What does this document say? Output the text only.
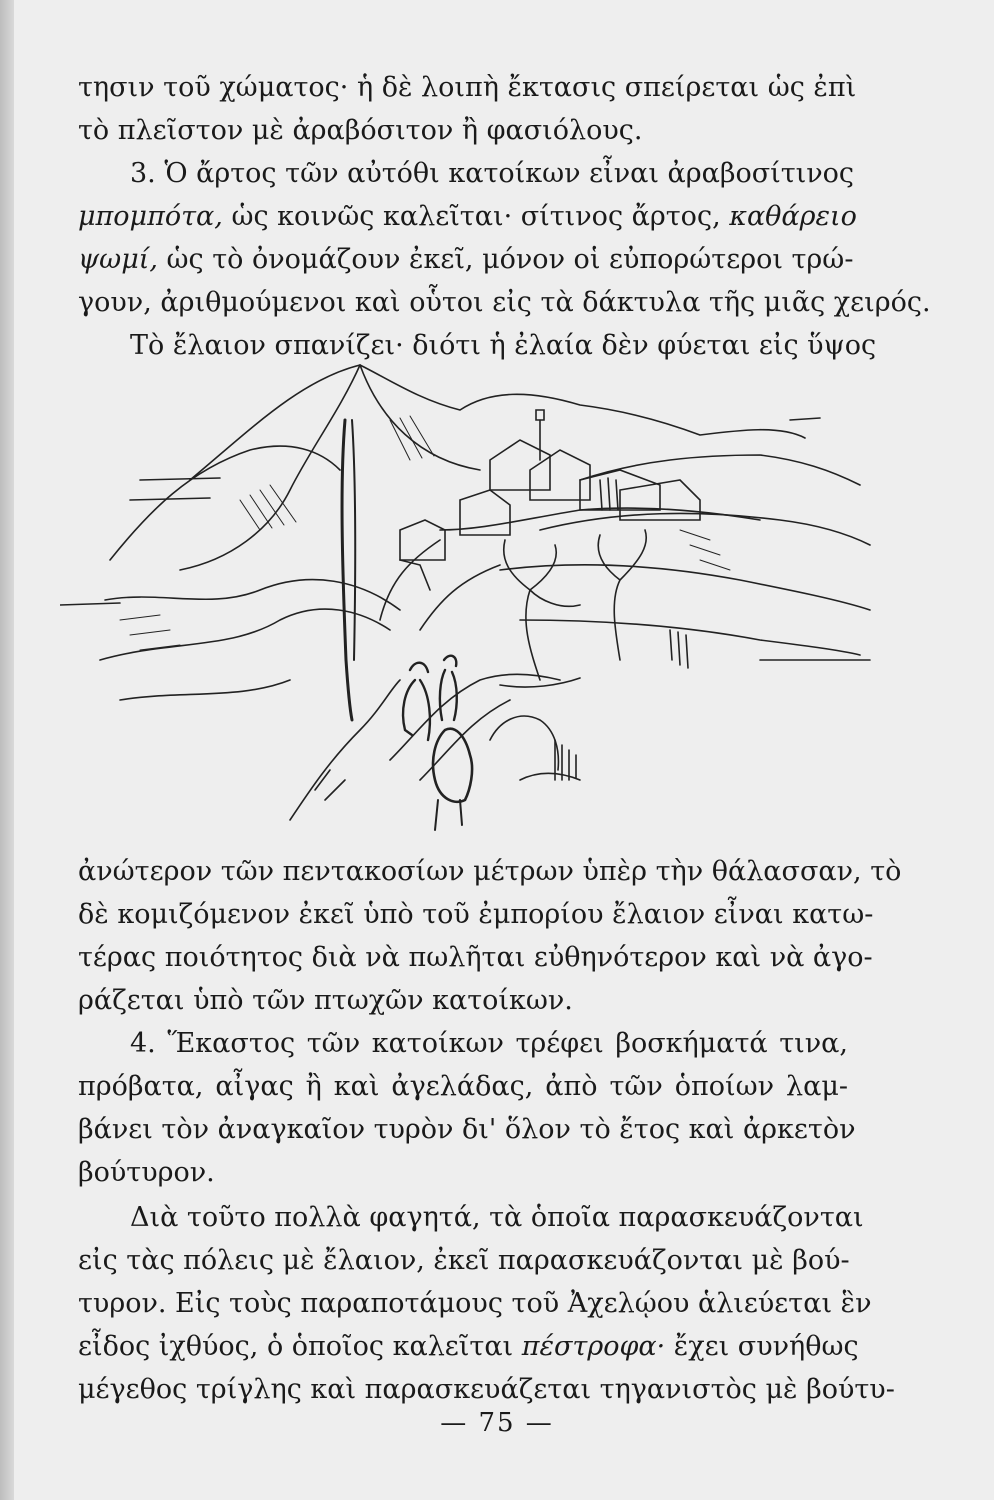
τησιν τοῦ χώματος· ἡ δὲ λοιπὴ ἔκτασις σπείρεται ὡς ἐπὶ
τὸ πλεῖστον μὲ ἀραβόσιτον ἢ φασιόλους.
3. Ὁ ἄρτος τῶν αὐτόθι κατοίκων εἶναι ἀραβοσίτινος
μπομπότα, ὡς κοινῶς καλεῖται· σίτινος ἄρτος, καθάρειο
ψωμί, ὡς τὸ ὀνομάζουν ἐκεῖ, μόνον οἱ εὐπορώτεροι τρώ-
γουν, ἀριθμούμενοι καὶ οὗτοι εἰς τὰ δάκτυλα τῆς μιᾶς χειρός.
Τὸ ἔλαιον σπανίζει· διότι ἡ ἐλαία δὲν φύεται εἰς ὕψος
ἀνώτερον τῶν πεντακοσίων μέτρων ὑπὲρ τὴν θάλασσαν, τὸ
δὲ κομιζόμενον ἐκεῖ ὑπὸ τοῦ ἐμπορίου ἔλαιον εἶναι κατω-
τέρας ποιότητος διὰ νὰ πωλῆται εὐθηνότερον καὶ νὰ ἀγο-
ράζεται ὑπὸ τῶν πτωχῶν κατοίκων.
4. Ἕκαστος τῶν κατοίκων τρέφει βοσκήματά τινα,
πρόβατα, αἶγας ἢ καὶ ἀγελάδας, ἀπὸ τῶν ὁποίων λαμ-
βάνει τὸν ἀναγκαῖον τυρὸν δι' ὅλον τὸ ἔτος καὶ ἀρκετὸν
βούτυρον.
Διὰ τοῦτο πολλὰ φαγητά, τὰ ὁποῖα παρασκευάζονται
εἰς τὰς πόλεις μὲ ἔλαιον, ἐκεῖ παρασκευάζονται μὲ βού-
τυρον. Εἰς τοὺς παραποτάμους τοῦ Ἀχελῴου ἁλιεύεται ἓν
εἶδος ἰχθύος, ὁ ὁποῖος καλεῖται πέστροφα· ἔχει συνήθως
μέγεθος τρίγλης καὶ παρασκευάζεται τηγανιστὸς μὲ βούτυ-
— 75 —
